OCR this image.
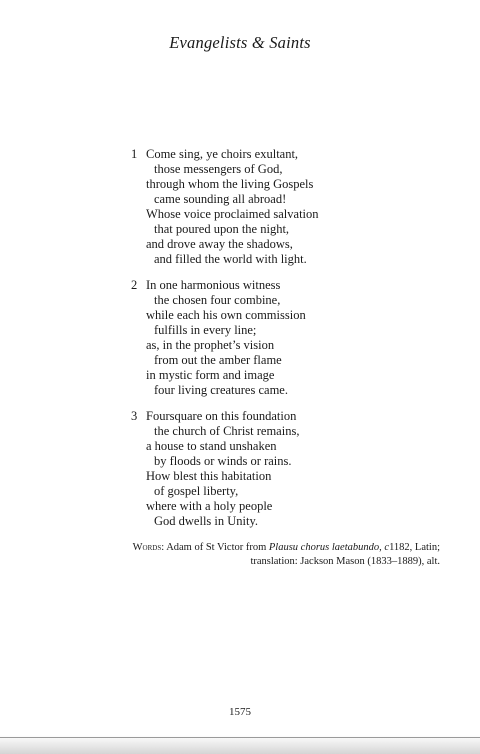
Evangelists & Saints
1 Come sing, ye choirs exultant,
those messengers of God,
through whom the living Gospels
came sounding all abroad!
Whose voice proclaimed salvation
that poured upon the night,
and drove away the shadows,
and filled the world with light.
2 In one harmonious witness
the chosen four combine,
while each his own commission
fulfills in every line;
as, in the prophet’s vision
from out the amber flame
in mystic form and image
four living creatures came.
3 Foursquare on this foundation
the church of Christ remains,
a house to stand unshaken
by floods or winds or rains.
How blest this habitation
of gospel liberty,
where with a holy people
God dwells in Unity.
Words: Adam of St Victor from Plausu chorus laetabundo, c1182, Latin;
translation: Jackson Mason (1833–1889), alt.
1575
